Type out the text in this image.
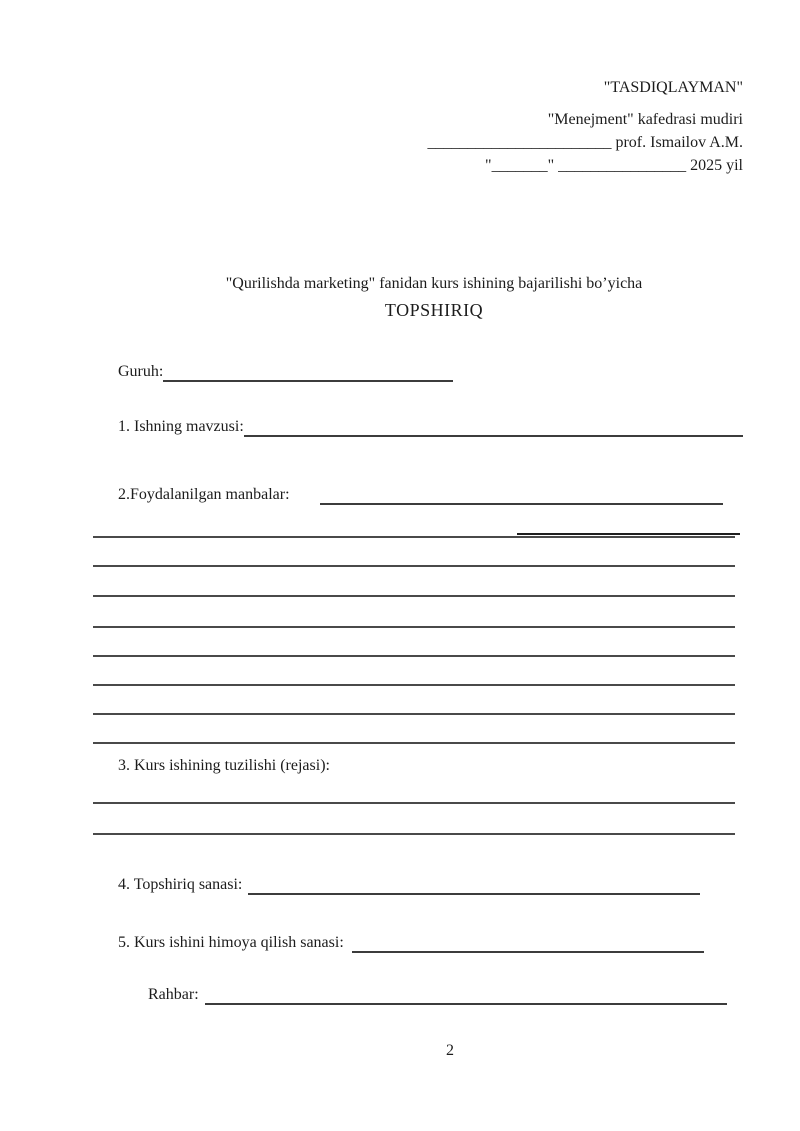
"TASDIQLAYMAN"
"Menejment" kafedrasi mudiri
_______________________ prof. Ismailov A.M.
"_______" ________________ 2025 yil
"Qurilishda marketing" fanidan kurs ishining bajarilishi bo’yicha
TOPSHIRIQ
Guruh:
1. Ishning mavzusi:
2.Foydalanilgan manbalar:
3. Kurs ishining tuzilishi (rejasi):
4. Topshiriq sanasi:
5. Kurs ishini himoya qilish sanasi:
Rahbar:
2
